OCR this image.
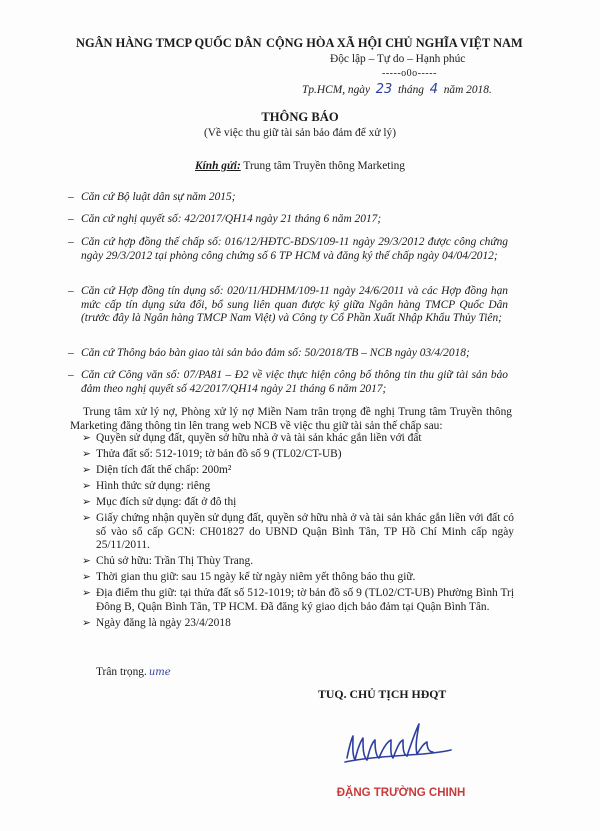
NGÂN HÀNG TMCP QUỐC DÂN CỘNG HÒA XÃ HỘI CHỦ NGHĨA VIỆT NAM
Độc lập – Tự do – Hạnh phúc
-----o0o-----
Tp.HCM, ngày 23 tháng 4 năm 2018.
THÔNG BÁO
(Về việc thu giữ tài sản bảo đảm để xử lý)
Kính gửi: Trung tâm Truyền thông Marketing
– Căn cứ Bộ luật dân sự năm 2015;
– Căn cứ nghị quyết số: 42/2017/QH14 ngày 21 tháng 6 năm 2017;
– Căn cứ hợp đồng thế chấp số: 016/12/HĐTC-BDS/109-11 ngày 29/3/2012 được công chứng ngày 29/3/2012 tại phòng công chứng số 6 TP HCM và đăng ký thế chấp ngày 04/04/2012;
– Căn cứ Hợp đồng tín dụng số: 020/11/HDHM/109-11 ngày 24/6/2011 và các Hợp đồng hạn mức cấp tín dụng sửa đổi, bổ sung liên quan được ký giữa Ngân hàng TMCP Quốc Dân (trước đây là Ngân hàng TMCP Nam Việt) và Công ty Cổ Phần Xuất Nhập Khẩu Thủy Tiên;
– Căn cứ Thông báo bàn giao tài sản bảo đảm số: 50/2018/TB – NCB ngày 03/4/2018;
– Căn cứ Công văn số: 07/PA81 – Đ2 về việc thực hiện công bố thông tin thu giữ tài sản bảo đảm theo nghị quyết số 42/2017/QH14 ngày 21 tháng 6 năm 2017;
Trung tâm xử lý nợ, Phòng xử lý nợ Miền Nam trân trọng đề nghị Trung tâm Truyền thông Marketing đăng thông tin lên trang web NCB về việc thu giữ tài sản thế chấp sau:
➢ Quyền sử dụng đất, quyền sở hữu nhà ở và tài sản khác gắn liền với đất
➢ Thửa đất số: 512-1019; tờ bản đồ số 9 (TL02/CT-UB)
➢ Diện tích đất thế chấp: 200m²
➢ Hình thức sử dụng: riêng
➢ Mục đích sử dụng: đất ở đô thị
➢ Giấy chứng nhận quyền sử dụng đất, quyền sở hữu nhà ở và tài sản khác gắn liền với đất có số vào sổ cấp GCN: CH01827 do UBND Quận Bình Tân, TP Hồ Chí Minh cấp ngày 25/11/2011.
➢ Chủ sở hữu: Trần Thị Thùy Trang.
➢ Thời gian thu giữ: sau 15 ngày kể từ ngày niêm yết thông báo thu giữ.
➢ Địa điểm thu giữ: tại thửa đất số 512-1019; tờ bản đồ số 9 (TL02/CT-UB) Phường Bình Trị Đông B, Quận Bình Tân, TP HCM. Đã đăng ký giao dịch bảo đảm tại Quận Bình Tân.
➢ Ngày đăng là ngày 23/4/2018
Trân trọng. ume
TUQ. CHỦ TỊCH HĐQT
ĐẶNG TRƯỜNG CHINH
